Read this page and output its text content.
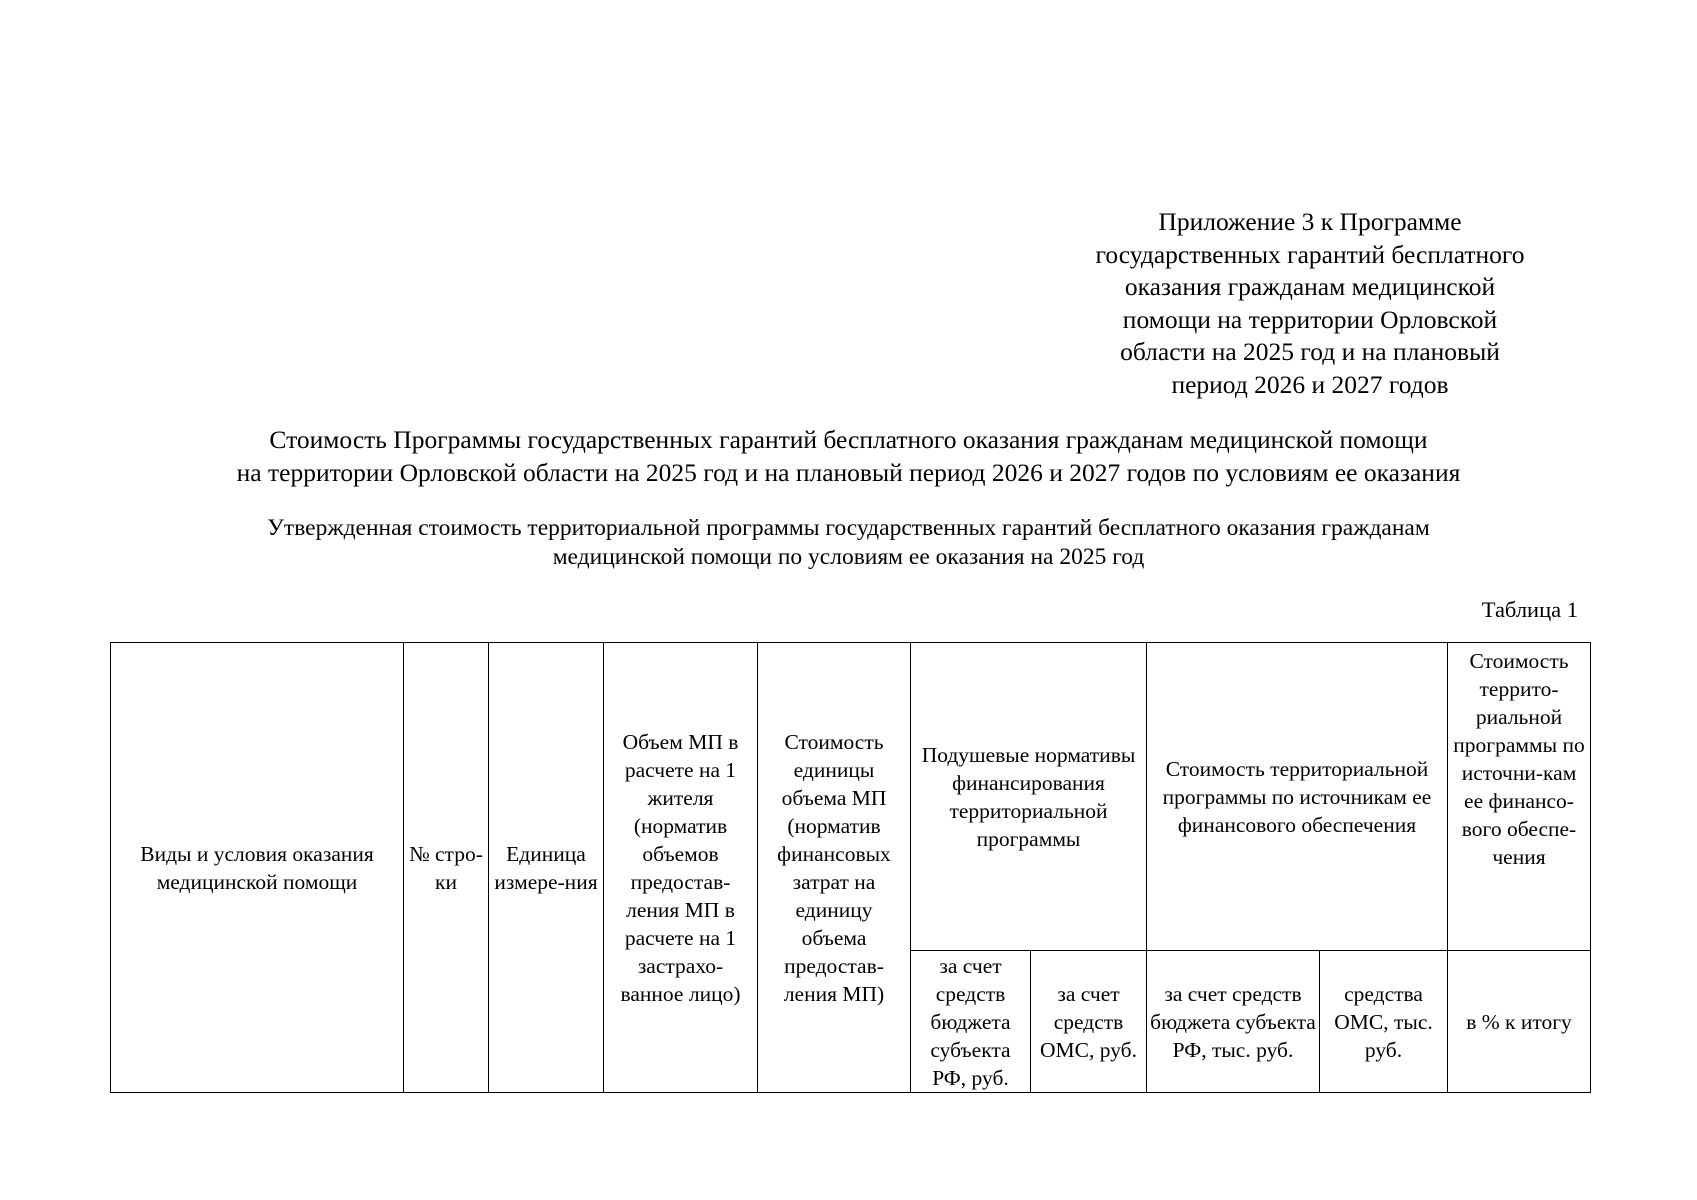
Приложение 3 к Программе
государственных гарантий бесплатного
оказания гражданам медицинской
помощи на территории Орловской
области на 2025 год и на плановый
период 2026 и 2027 годов
Стоимость Программы государственных гарантий бесплатного оказания гражданам медицинской помощи
на территории Орловской области на 2025 год и на плановый период 2026 и 2027 годов по условиям ее оказания
Утвержденная стоимость территориальной программы государственных гарантий бесплатного оказания гражданам
медицинской помощи по условиям ее оказания на 2025 год
Таблица 1
Виды и условия оказания медицинской помощи	№ стро-ки	Единица измере-ния	Объем МП в расчете на 1 жителя (норматив объемов предостав-ления МП в расчете на 1 застрахо-ванное лицо)	Стоимость единицы объема МП (норматив финансовых затрат на единицу объема предостав-ления МП)	Подушевые нормативы финансирования территориальной программы		Стоимость территориальной программы по источникам ее финансового обеспечения		Стоимость террито-риальной программы по источни-кам ее финансо-вого обеспе-чения
					за счет средств бюджета субъекта РФ, руб.	за счет средств ОМС, руб.	за счет средств бюджета субъекта РФ, тыс. руб.	средства ОМС, тыс. руб.	в % к итогу
